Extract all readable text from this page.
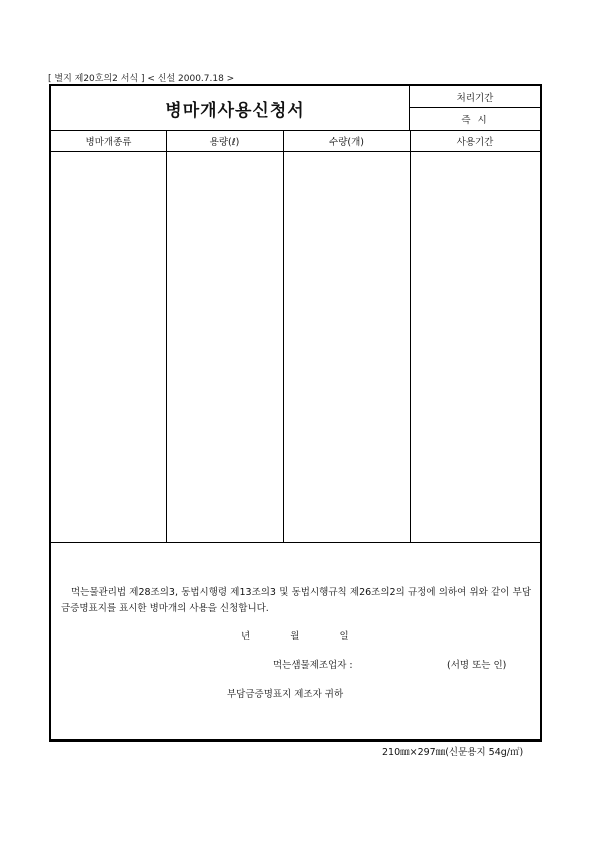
[ 별지 제20호의2 서식 ] < 신설 2000.7.18 >
병마개사용신청서
처리기간
즉 시
병마개종류	용량(ℓ)	수량(개)	사용기간
먹는물관리법 제28조의3, 동법시행령 제13조의3 및 동법시행규칙 제26조의2의 규정에 의하여 위와 같이 부담금증명표지를 표시한 병마개의 사용을 신청합니다.
년	월	일
먹는샘물제조업자 :	(서명 또는 인)
부담금증명표지 제조자 귀하
210㎜×297㎜(신문용지 54g/㎡)
